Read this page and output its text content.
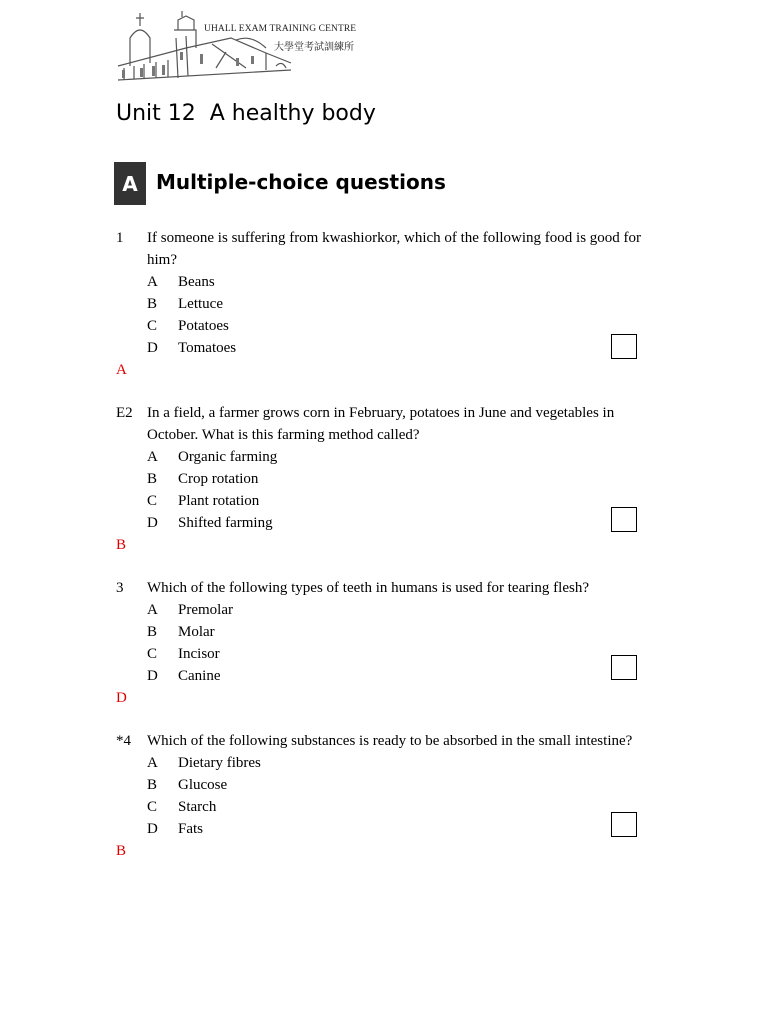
UHALL EXAM TRAINING CENTRE
大學堂考試訓練所
Unit 12  A healthy body
A Multiple-choice questions
1	If someone is suffering from kwashiorkor, which of the following food is good for him?
A	Beans
B	Lettuce
C	Potatoes
D	Tomatoes
A
E2 In a field, a farmer grows corn in February, potatoes in June and vegetables in October. What is this farming method called?
A	Organic farming
B	Crop rotation
C	Plant rotation
D	Shifted farming
B
3	Which of the following types of teeth in humans is used for tearing flesh?
A	Premolar
B	Molar
C	Incisor
D	Canine
D
*4	Which of the following substances is ready to be absorbed in the small intestine?
A	Dietary fibres
B	Glucose
C	Starch
D	Fats
B
